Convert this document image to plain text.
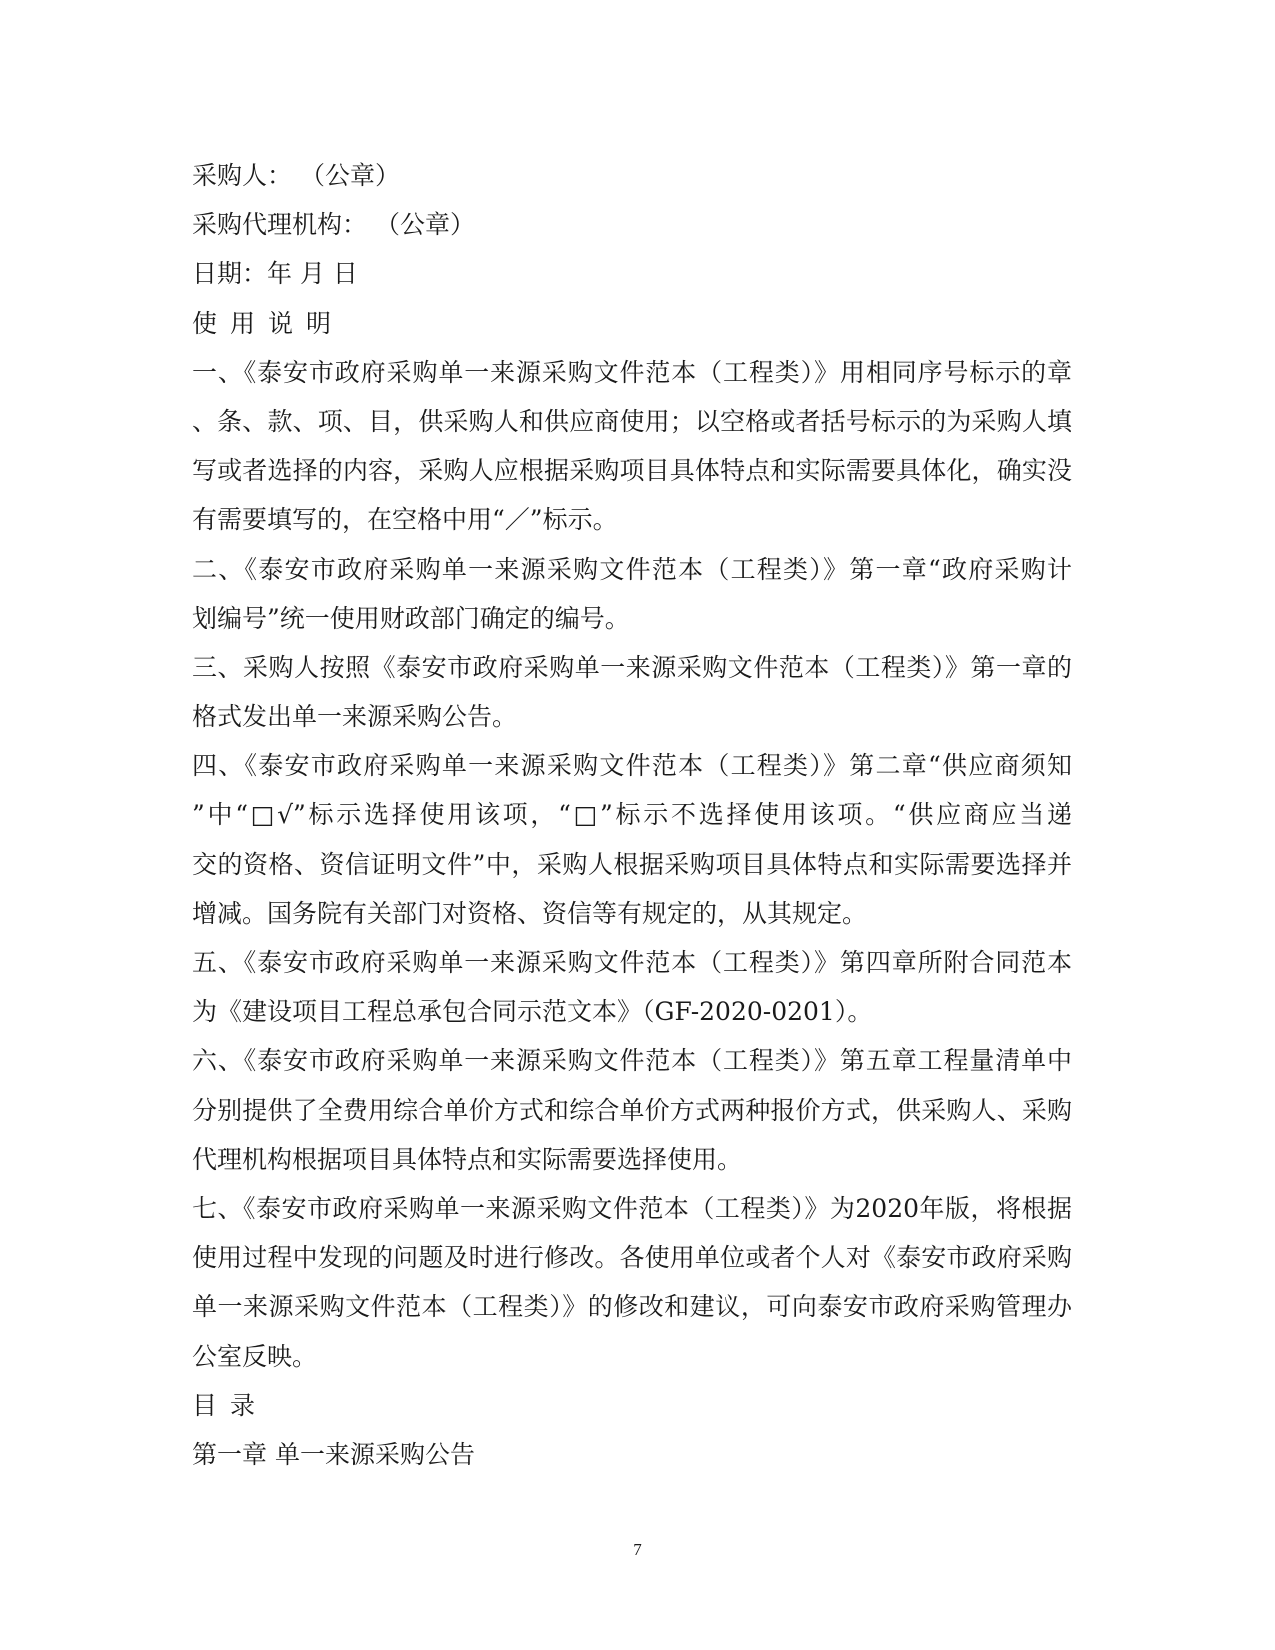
采购人： （公章）
采购代理机构： （公章）
日期：年 月 日
使用说明
一、《泰安市政府采购单一来源采购文件范本（工程类）》用相同序号标示的章
、条、款、项、目，供采购人和供应商使用；以空格或者括号标示的为采购人填
写或者选择的内容，采购人应根据采购项目具体特点和实际需要具体化，确实没
有需要填写的，在空格中用“／”标示。
二、《泰安市政府采购单一来源采购文件范本（工程类）》第一章“政府采购计
划编号”统一使用财政部门确定的编号。
三、采购人按照《泰安市政府采购单一来源采购文件范本（工程类）》第一章的
格式发出单一来源采购公告。
四、《泰安市政府采购单一来源采购文件范本（工程类）》第二章“供应商须知
”中“□√”标示选择使用该项，“□”标示不选择使用该项。“供应商应当递
交的资格、资信证明文件”中，采购人根据采购项目具体特点和实际需要选择并
增减。国务院有关部门对资格、资信等有规定的，从其规定。
五、《泰安市政府采购单一来源采购文件范本（工程类）》第四章所附合同范本
为《建设项目工程总承包合同示范文本》（GF-2020-0201）。
六、《泰安市政府采购单一来源采购文件范本（工程类）》第五章工程量清单中
分别提供了全费用综合单价方式和综合单价方式两种报价方式，供采购人、采购
代理机构根据项目具体特点和实际需要选择使用。
七、《泰安市政府采购单一来源采购文件范本（工程类）》为2020年版，将根据
使用过程中发现的问题及时进行修改。各使用单位或者个人对《泰安市政府采购
单一来源采购文件范本（工程类）》的修改和建议，可向泰安市政府采购管理办
公室反映。
目录
第一章 单一来源采购公告
7
